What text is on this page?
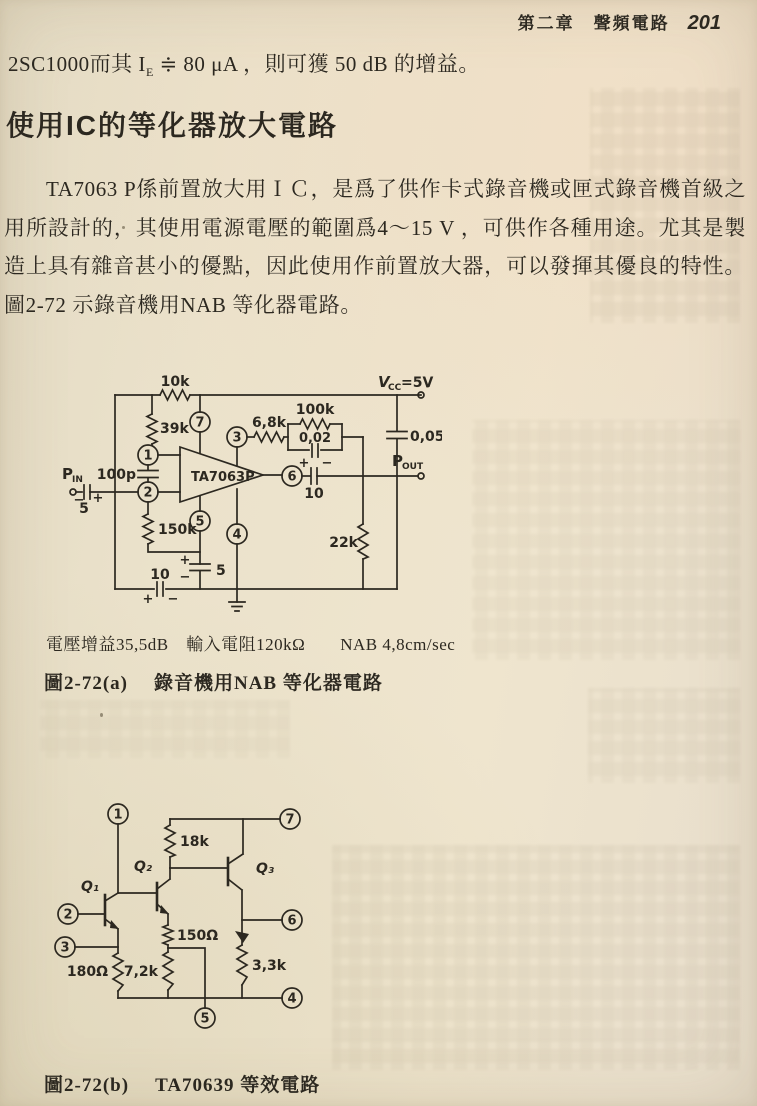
第二章　聲頻電路 201
2SC1000而其 $I_E$ ≑ 80 μA ，則可獲 50 dB 的增益。
使用IC的等化器放大電路
TA7063 P係前置放大用ＩＣ，是爲了供作卡式錄音機或匣式錄音機首級之用所設計的，其使用電源電壓的範圍爲4～15 V ，可供作各種用途。尤其是製造上具有雜音甚小的優點，因此使用作前置放大器，可以發揮其優良的特性。圖2-72 示錄音機用NAB 等化器電路。
1
2
3
4
5
6
7
10k
39k
100p
150k
TA7063P
6,8k
100k
0,02	0,05
22k
10
10
5
5
+ −
− +
+
−
+ −
V
CC =5V
P OUT
P IN
電壓增益35,5dB　輸入電阻120kΩ　　NAB 4,8cm/sec
圖2-72(a) 錄音機用NAB 等化器電路
1	7
2
3
6
4
5
Q₁
Q₂	Q₃
18k
150Ω
7,2k
180Ω	3,3k
圖2-72(b) TA70639 等效電路
